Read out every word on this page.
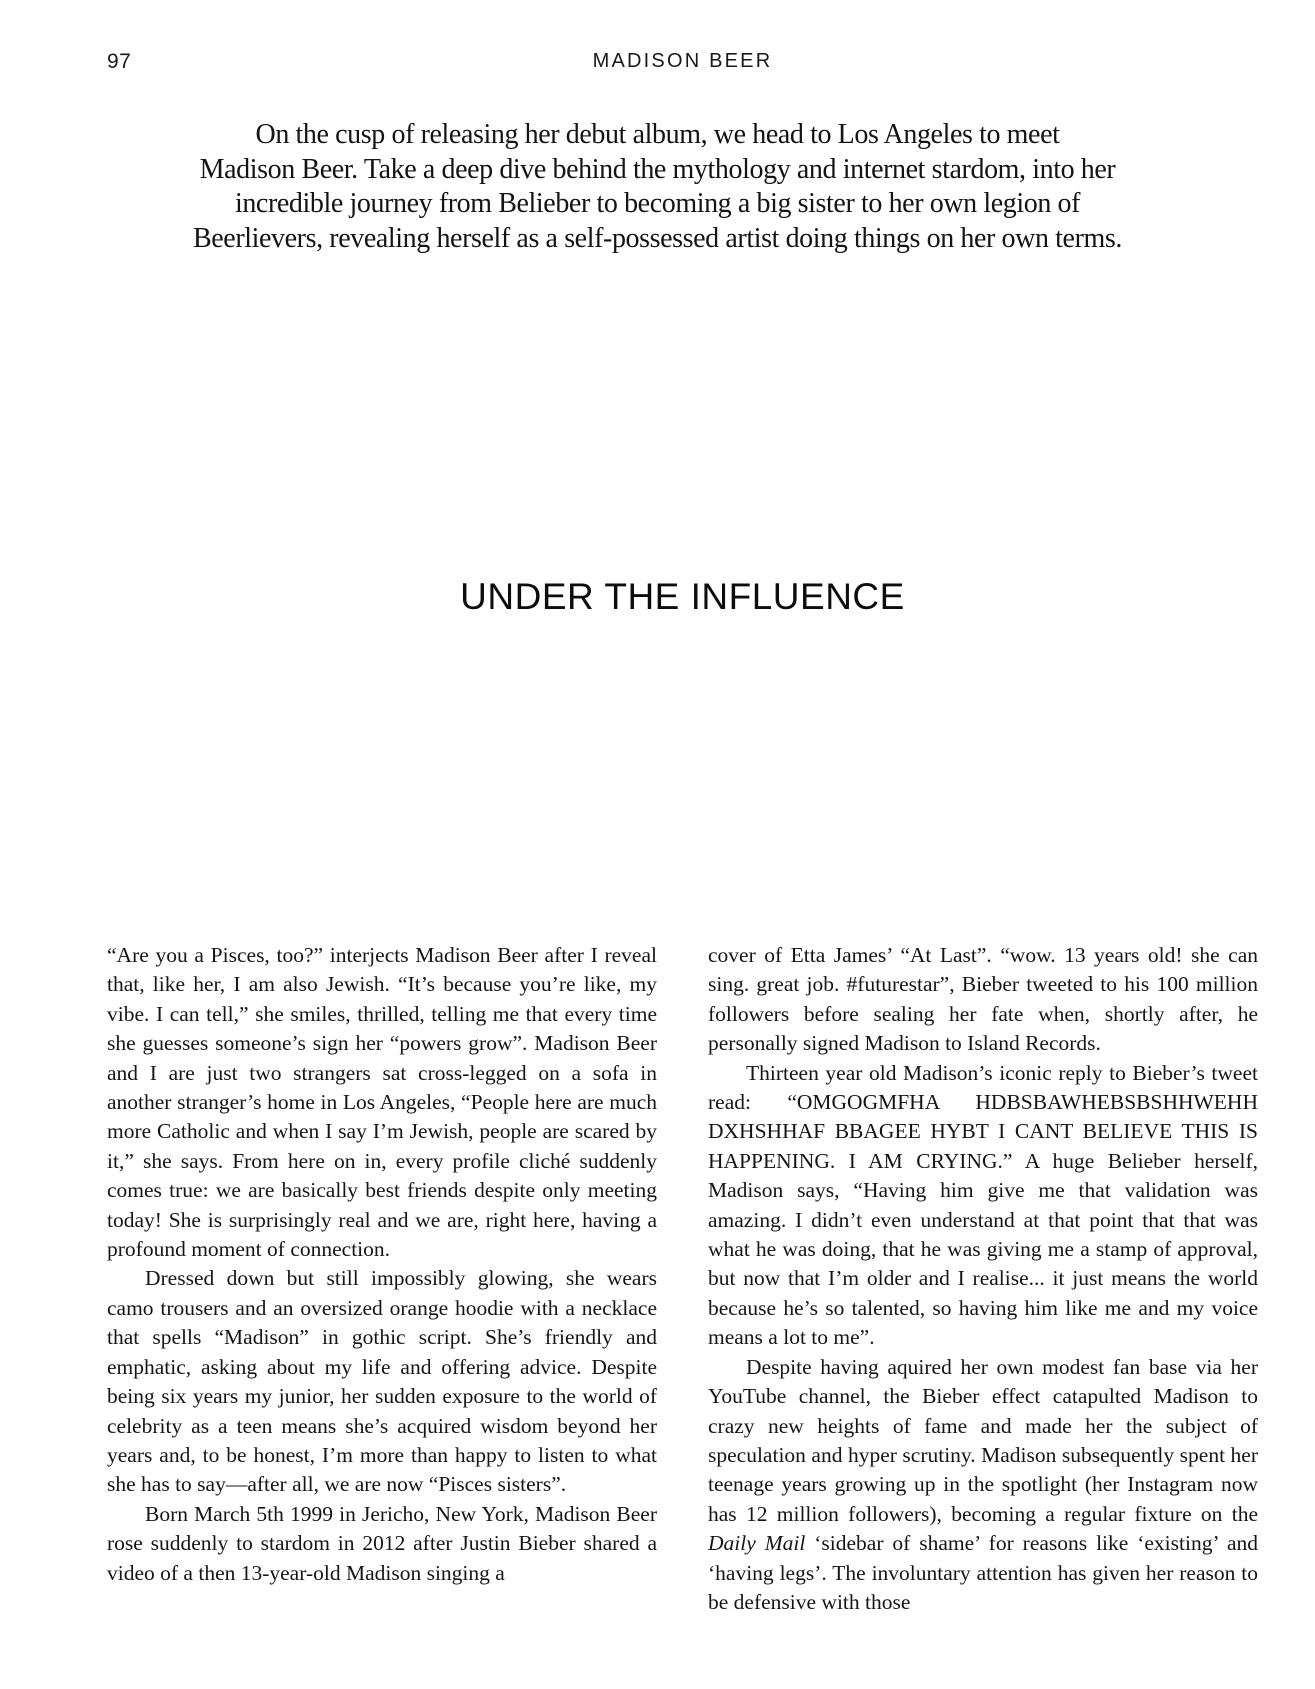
97	MADISON BEER
On the cusp of releasing her debut album, we head to Los Angeles to meet
Madison Beer. Take a deep dive behind the mythology and internet stardom, into her
incredible journey from Belieber to becoming a big sister to her own legion of
Beerlievers, revealing herself as a self-possessed artist doing things on her own terms.
UNDER THE INFLUENCE

“Are you a Pisces, too?” interjects Madison Beer after I reveal that, like her, I am also Jewish. “It’s because you’re like, my vibe. I can tell,” she smiles, thrilled, telling me that every time she guesses someone’s sign her “powers grow”. Madison Beer and I are just two strangers sat cross-legged on a sofa in another stranger’s home in Los Angeles, “People here are much more Catholic and when I say I’m Jewish, people are scared by it,” she says. From here on in, every profile cliché suddenly comes true: we are basically best friends despite only meeting today! She is surprisingly real and we are, right here, having a profound moment of connection.

Dressed down but still impossibly glowing, she wears camo trousers and an oversized orange hoodie with a necklace that spells “Madison” in gothic script. She’s friendly and emphatic, asking about my life and offering advice. Despite being six years my junior, her sudden exposure to the world of celebrity as a teen means she’s acquired wisdom beyond her years and, to be honest, I’m more than happy to listen to what she has to say—after all, we are now “Pisces sisters”.

Born March 5th 1999 in Jericho, New York, Madison Beer rose suddenly to stardom in 2012 after Justin Bieber shared a video of a then 13-year-old Madison singing a

cover of Etta James’ “At Last”. “wow. 13 years old! she can sing. great job. #futurestar”, Bieber tweeted to his 100 million followers before sealing her fate when, shortly after, he personally signed Madison to Island Records.

Thirteen year old Madison’s iconic reply to Bieber’s tweet read: “OMGOGMFHA HDBSBAWHEBSBSHHWEHH DXHSHHAF BBAGEE HYBT I CANT BELIEVE THIS IS HAPPENING. I AM CRYING.” A huge Belieber herself, Madison says, “Having him give me that validation was amazing. I didn’t even understand at that point that that was what he was doing, that he was giving me a stamp of approval, but now that I’m older and I realise... it just means the world because he’s so talented, so having him like me and my voice means a lot to me”.

Despite having aquired her own modest fan base via her YouTube channel, the Bieber effect catapulted Madison to crazy new heights of fame and made her the subject of speculation and hyper scrutiny. Madison subsequently spent her teenage years growing up in the spotlight (her Instagram now has 12 million followers), becoming a regular fixture on the Daily Mail ‘sidebar of shame’ for reasons like ‘existing’ and ‘having legs’. The involuntary attention has given her reason to be defensive with those
